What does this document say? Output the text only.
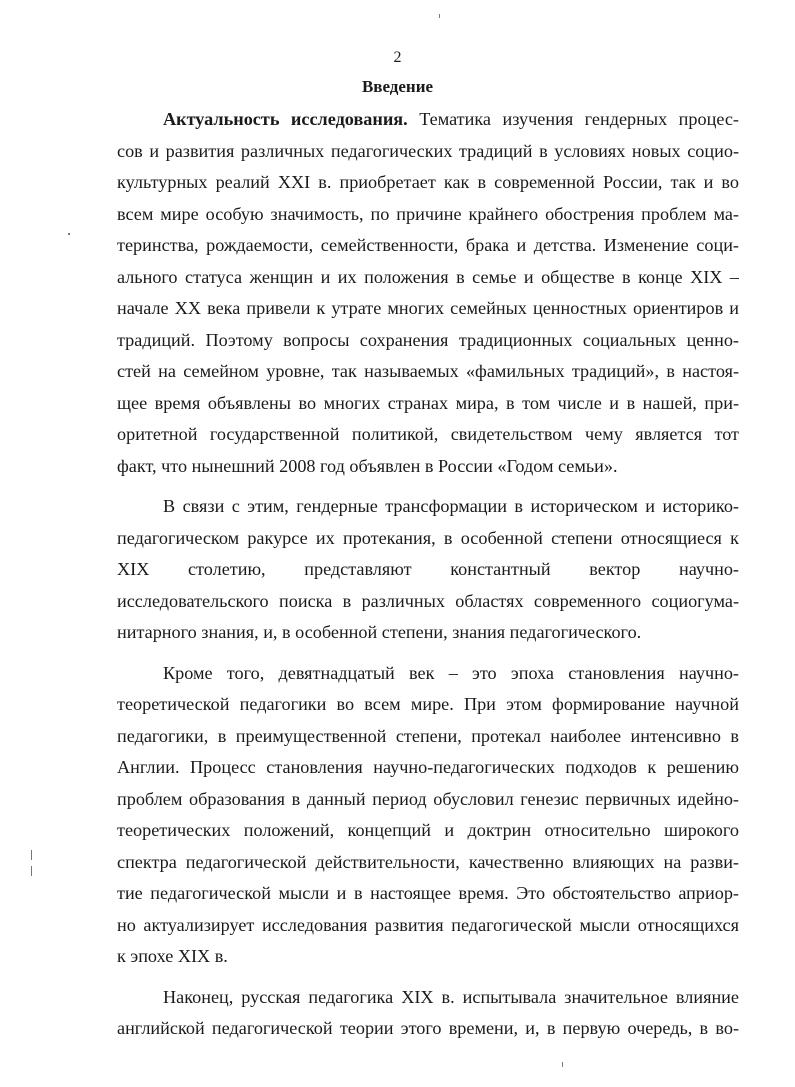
2
Введение
Актуальность исследования. Тематика изучения гендерных процес-
сов и развития различных педагогических традиций в условиях новых социо-
культурных реалий XXI в. приобретает как в современной России, так и во
всем мире особую значимость, по причине крайнего обострения проблем ма-
теринства, рождаемости, семейственности, брака и детства. Изменение соци-
ального статуса женщин и их положения в семье и обществе в конце XIX –
начале XX века привели к утрате многих семейных ценностных ориентиров и
традиций. Поэтому вопросы сохранения традиционных социальных ценно-
стей на семейном уровне, так называемых «фамильных традиций», в настоя-
щее время объявлены во многих странах мира, в том числе и в нашей, при-
оритетной государственной политикой, свидетельством чему является тот
факт, что нынешний 2008 год объявлен в России «Годом семьи».
В связи с этим, гендерные трансформации в историческом и историко-
педагогическом ракурсе их протекания, в особенной степени относящиеся к
XIX столетию, представляют константный вектор научно-
исследовательского поиска в различных областях современного социогума-
нитарного знания, и, в особенной степени, знания педагогического.
Кроме того, девятнадцатый век – это эпоха становления научно-
теоретической педагогики во всем мире. При этом формирование научной
педагогики, в преимущественной степени, протекал наиболее интенсивно в
Англии. Процесс становления научно-педагогических подходов к решению
проблем образования в данный период обусловил генезис первичных идейно-
теоретических положений, концепций и доктрин относительно широкого
спектра педагогической действительности, качественно влияющих на разви-
тие педагогической мысли и в настоящее время. Это обстоятельство априор-
но актуализирует исследования развития педагогической мысли относящихся
к эпохе XIX в.
Наконец, русская педагогика XIX в. испытывала значительное влияние
английской педагогической теории этого времени, и, в первую очередь, в во-
